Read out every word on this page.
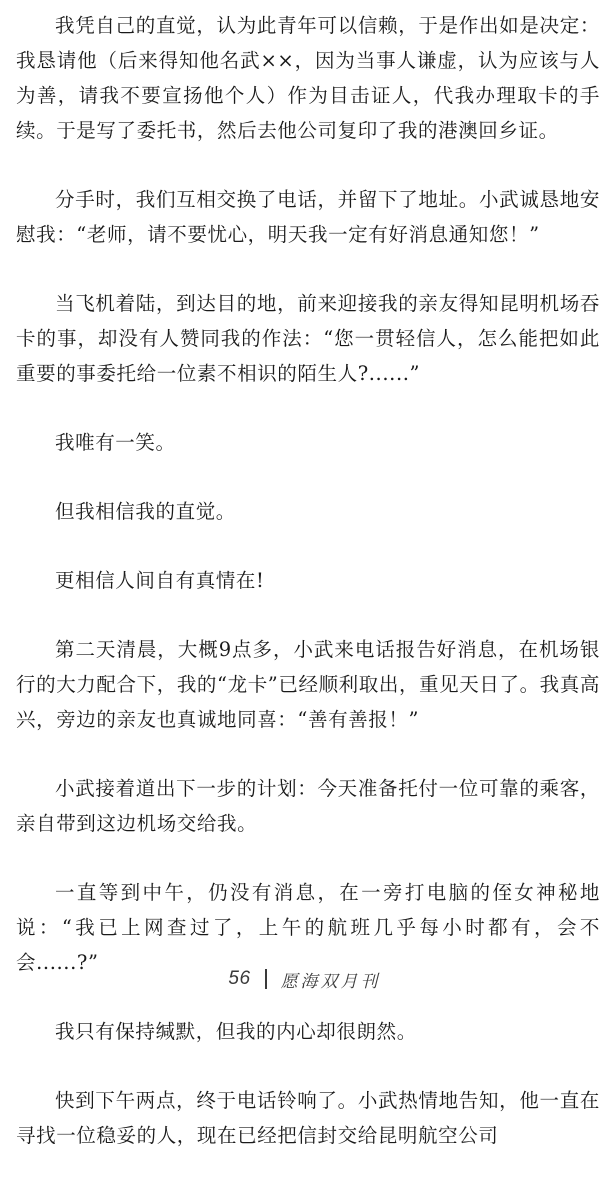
我凭自己的直觉，认为此青年可以信赖，于是作出如是决定：我恳请他（后来得知他名武××，因为当事人谦虚，认为应该与人为善，请我不要宣扬他个人）作为目击证人，代我办理取卡的手续。于是写了委托书，然后去他公司复印了我的港澳回乡证。

分手时，我们互相交换了电话，并留下了地址。小武诚恳地安慰我：“老师，请不要忧心，明天我一定有好消息通知您！”

当飞机着陆，到达目的地，前来迎接我的亲友得知昆明机场吞卡的事，却没有人赞同我的作法：“您一贯轻信人，怎么能把如此重要的事委托给一位素不相识的陌生人?......”

我唯有一笑。

但我相信我的直觉。

更相信人间自有真情在!

第二天清晨，大概9点多，小武来电话报告好消息，在机场银行的大力配合下，我的“龙卡”已经顺利取出，重见天日了。我真高兴，旁边的亲友也真诚地同喜：“善有善报！”

小武接着道出下一步的计划：今天准备托付一位可靠的乘客，亲自带到这边机场交给我。

一直等到中午，仍没有消息，在一旁打电脑的侄女神秘地说：“我已上网查过了，上午的航班几乎每小时都有，会不会......?”

我只有保持缄默，但我的内心却很朗然。

快到下午两点，终于电话铃响了。小武热情地告知，他一直在寻找一位稳妥的人，现在已经把信封交给昆明航空公司

56 愿海双月刊
